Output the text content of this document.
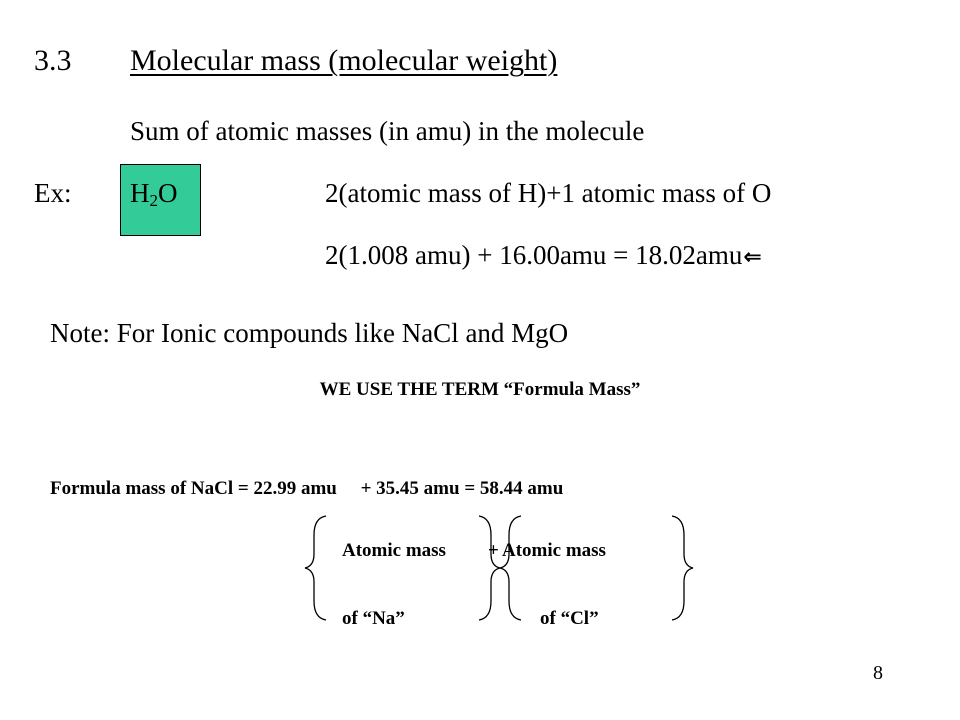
3.3 Molecular mass (molecular weight)
Sum of atomic masses (in amu) in the molecule
Ex: $H_2O$	2(atomic mass of H)+1 atomic mass of O
2(1.008 amu) + 16.00amu = 18.02amu⇐
Note: For Ionic compounds like NaCl and MgO
WE USE THE TERM “Formula Mass”
Formula mass of NaCl = 22.99 amu     + 35.45 amu = 58.44 amu
Atomic mass + Atomic mass
of “Na”	of “Cl”
8
